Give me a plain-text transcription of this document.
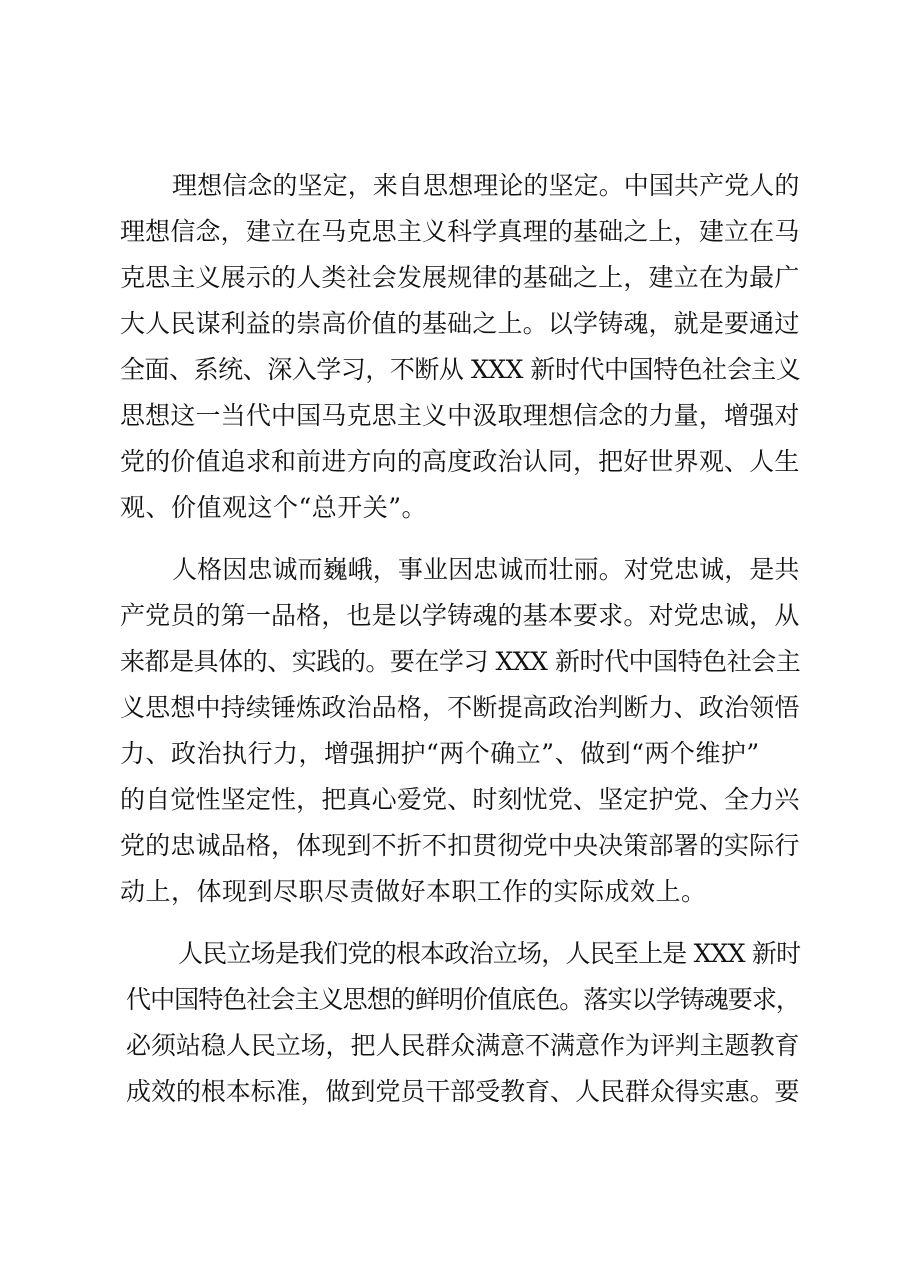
理想信念的坚定，来自思想理论的坚定。中国共产党人的
理想信念，建立在马克思主义科学真理的基础之上，建立在马
克思主义展示的人类社会发展规律的基础之上，建立在为最广
大人民谋利益的崇高价值的基础之上。以学铸魂，就是要通过
全面、系统、深入学习，不断从 XXX 新时代中国特色社会主义
思想这一当代中国马克思主义中汲取理想信念的力量，增强对
党的价值追求和前进方向的高度政治认同，把好世界观、人生
观、价值观这个“总开关”。
人格因忠诚而巍峨，事业因忠诚而壮丽。对党忠诚，是共
产党员的第一品格，也是以学铸魂的基本要求。对党忠诚，从
来都是具体的、实践的。要在学习 XXX 新时代中国特色社会主
义思想中持续锤炼政治品格，不断提高政治判断力、政治领悟
力、政治执行力，增强拥护“两个确立”、做到“两个维护”
的自觉性坚定性，把真心爱党、时刻忧党、坚定护党、全力兴
党的忠诚品格，体现到不折不扣贯彻党中央决策部署的实际行
动上，体现到尽职尽责做好本职工作的实际成效上。
人民立场是我们党的根本政治立场，人民至上是 XXX 新时
代中国特色社会主义思想的鲜明价值底色。落实以学铸魂要求，
必须站稳人民立场，把人民群众满意不满意作为评判主题教育
成效的根本标准，做到党员干部受教育、人民群众得实惠。要
